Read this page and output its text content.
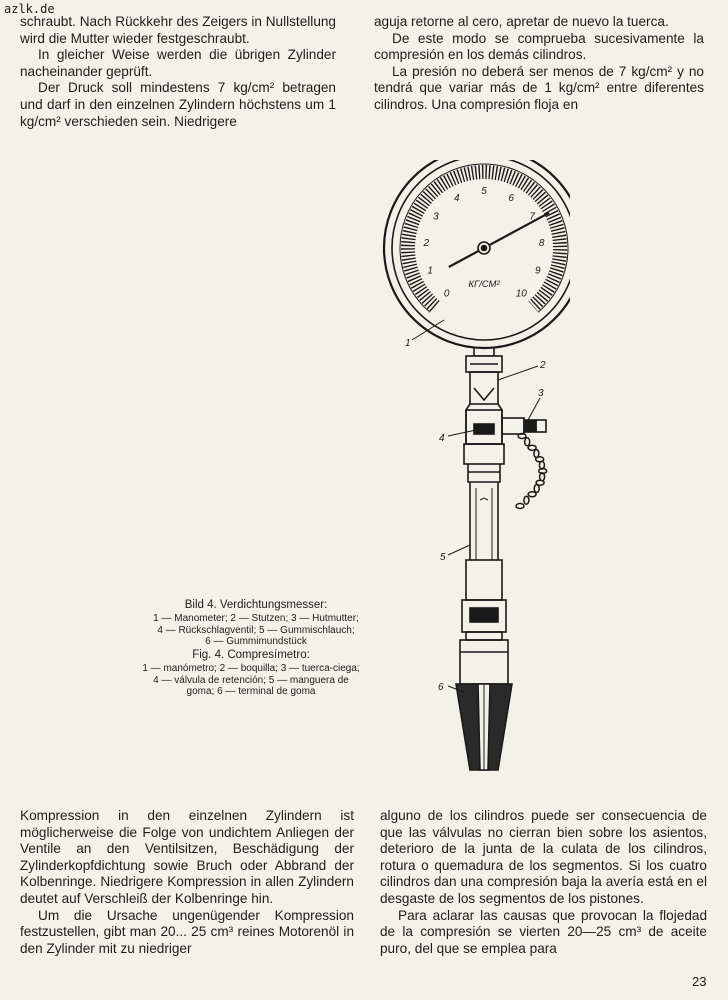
azlk.de

schraubt. Nach Rückkehr des Zeigers in Nullstellung wird die Mutter wieder festgeschraubt.

In gleicher Weise werden die übrigen Zylinder nacheinander geprüft.

Der Druck soll mindestens 7 kg/cm² betragen und darf in den einzelnen Zylindern höchstens um 1 kg/cm² verschieden sein. Niedrigere

aguja retorne al cero, apretar de nuevo la tuerca.

De este modo se comprueba sucesivamente la compresión en los demás cilindros.

La presión no deberá ser menos de 7 kg/cm² y no tendrá que variar más de 1 kg/cm² entre diferentes cilindros. Una compresión floja en

Bild 4. Verdichtungsmesser:
1 — Manometer; 2 — Stutzen; 3 — Hutmutter;
4 — Rückschlagventil; 5 — Gummischlauch;
6 — Gummimundstück
Fig. 4. Compresímetro:
1 — manómetro; 2 — boquilla; 3 — tuerca-ciega;
4 — válvula de retención; 5 — manguera de
goma; 6 — terminal de goma
0
1
2
3
4
5
6
7
8
9
10
КГ/СМ²
1
2
3
4
5
6

Kompression in den einzelnen Zylindern ist möglicherweise die Folge von undichtem Anliegen der Ventile an den Ventilsitzen, Beschädigung der Zylinderkopfdichtung sowie Bruch oder Abbrand der Kolbenringe. Niedrigere Kompression in allen Zylindern deutet auf Verschleiß der Kolbenringe hin.

Um die Ursache ungenügender Kompression festzustellen, gibt man 20... 25 cm³ reines Motorenöl in den Zylinder mit zu niedriger

alguno de los cilindros puede ser consecuencia de que las válvulas no cierran bien sobre los asientos, deterioro de la junta de la culata de los cilindros, rotura o quemadura de los segmentos. Si los cuatro cilindros dan una compresión baja la avería está en el desgaste de los segmentos de los pistones.

Para aclarar las causas que provocan la flojedad de la compresión se vierten 20—25 cm³ de aceite puro, del que se emplea para

23
